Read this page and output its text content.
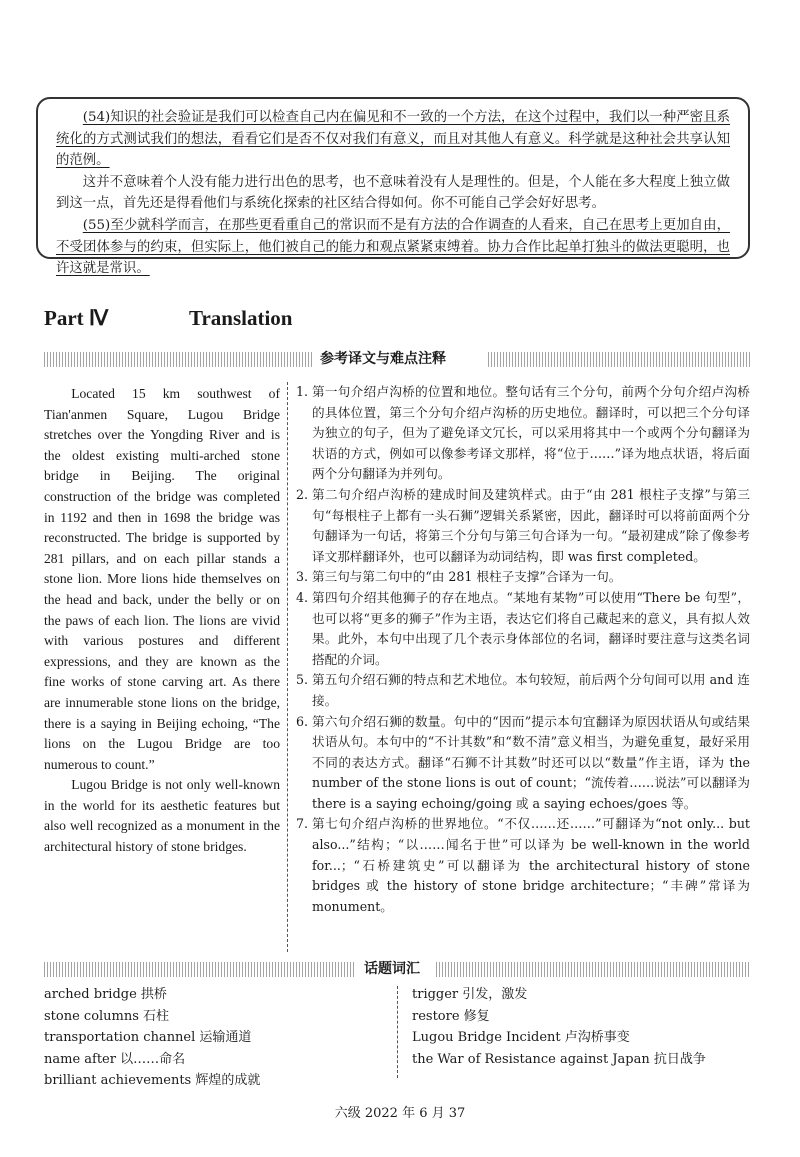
(54)知识的社会验证是我们可以检查自己内在偏见和不一致的一个方法，在这个过程中，我们以一种严密且系统化的方式测试我们的想法，看看它们是否不仅对我们有意义，而且对其他人有意义。科学就是这种社会共享认知的范例。

这并不意味着个人没有能力进行出色的思考，也不意味着没有人是理性的。但是，个人能在多大程度上独立做到这一点，首先还是得看他们与系统化探索的社区结合得如何。你不可能自己学会好好思考。

(55)至少就科学而言，在那些更看重自己的常识而不是有方法的合作调查的人看来，自己在思考上更加自由，不受团体参与的约束，但实际上，他们被自己的能力和观点紧紧束缚着。协力合作比起单打独斗的做法更聪明，也许这就是常识。

Part Ⅳ	Translation
参考译文与难点注释

Located 15 km southwest of Tian'anmen Square, Lugou Bridge stretches over the Yongding River and is the oldest existing multi-arched stone bridge in Beijing. The original construction of the bridge was completed in 1192 and then in 1698 the bridge was reconstructed. The bridge is supported by 281 pillars, and on each pillar stands a stone lion. More lions hide themselves on the head and back, under the belly or on the paws of each lion. The lions are vivid with various postures and different expressions, and they are known as the fine works of stone carving art. As there are innumerable stone lions on the bridge, there is a saying in Beijing echoing, “The lions on the Lugou Bridge are too numerous to count.”

Lugou Bridge is not only well-known in the world for its aesthetic features but also well recognized as a monument in the architectural history of stone bridges.

1. 第一句介绍卢沟桥的位置和地位。整句话有三个分句，前两个分句介绍卢沟桥的具体位置，第三个分句介绍卢沟桥的历史地位。翻译时，可以把三个分句译为独立的句子，但为了避免译文冗长，可以采用将其中一个或两个分句翻译为状语的方式，例如可以像参考译文那样，将“位于……”译为地点状语，将后面两个分句翻译为并列句。
2. 第二句介绍卢沟桥的建成时间及建筑样式。由于“由 281 根柱子支撑”与第三句“每根柱子上都有一头石狮”逻辑关系紧密，因此，翻译时可以将前面两个分句翻译为一句话，将第三个分句与第三句合译为一句。“最初建成”除了像参考译文那样翻译外，也可以翻译为动词结构，即 was first completed。
3. 第三句与第二句中的“由 281 根柱子支撑”合译为一句。
4. 第四句介绍其他狮子的存在地点。“某地有某物”可以使用“There be 句型”，也可以将“更多的狮子”作为主语，表达它们将自己藏起来的意义，具有拟人效果。此外，本句中出现了几个表示身体部位的名词，翻译时要注意与这类名词搭配的介词。
5. 第五句介绍石狮的特点和艺术地位。本句较短，前后两个分句间可以用 and 连接。
6. 第六句介绍石狮的数量。句中的“因而”提示本句宜翻译为原因状语从句或结果状语从句。本句中的“不计其数”和“数不清”意义相当，为避免重复，最好采用不同的表达方式。翻译“石狮不计其数”时还可以以“数量”作主语，译为 the number of the stone lions is out of count；“流传着……说法”可以翻译为 there is a saying echoing/going 或 a saying echoes/goes 等。
7. 第七句介绍卢沟桥的世界地位。“不仅……还……”可翻译为“not only... but also...”结构；“以……闻名于世”可以译为 be well-known in the world for...；“石桥建筑史”可以翻译为 the architectural history of stone bridges 或 the history of stone bridge architecture；“丰碑”常译为 monument。
话题词汇
arched bridge 拱桥
stone columns 石柱
transportation channel 运输通道
name after 以……命名
brilliant achievements 辉煌的成就
trigger 引发，激发
restore 修复
Lugou Bridge Incident 卢沟桥事变
the War of Resistance against Japan 抗日战争
六级 2022 年 6 月 37
